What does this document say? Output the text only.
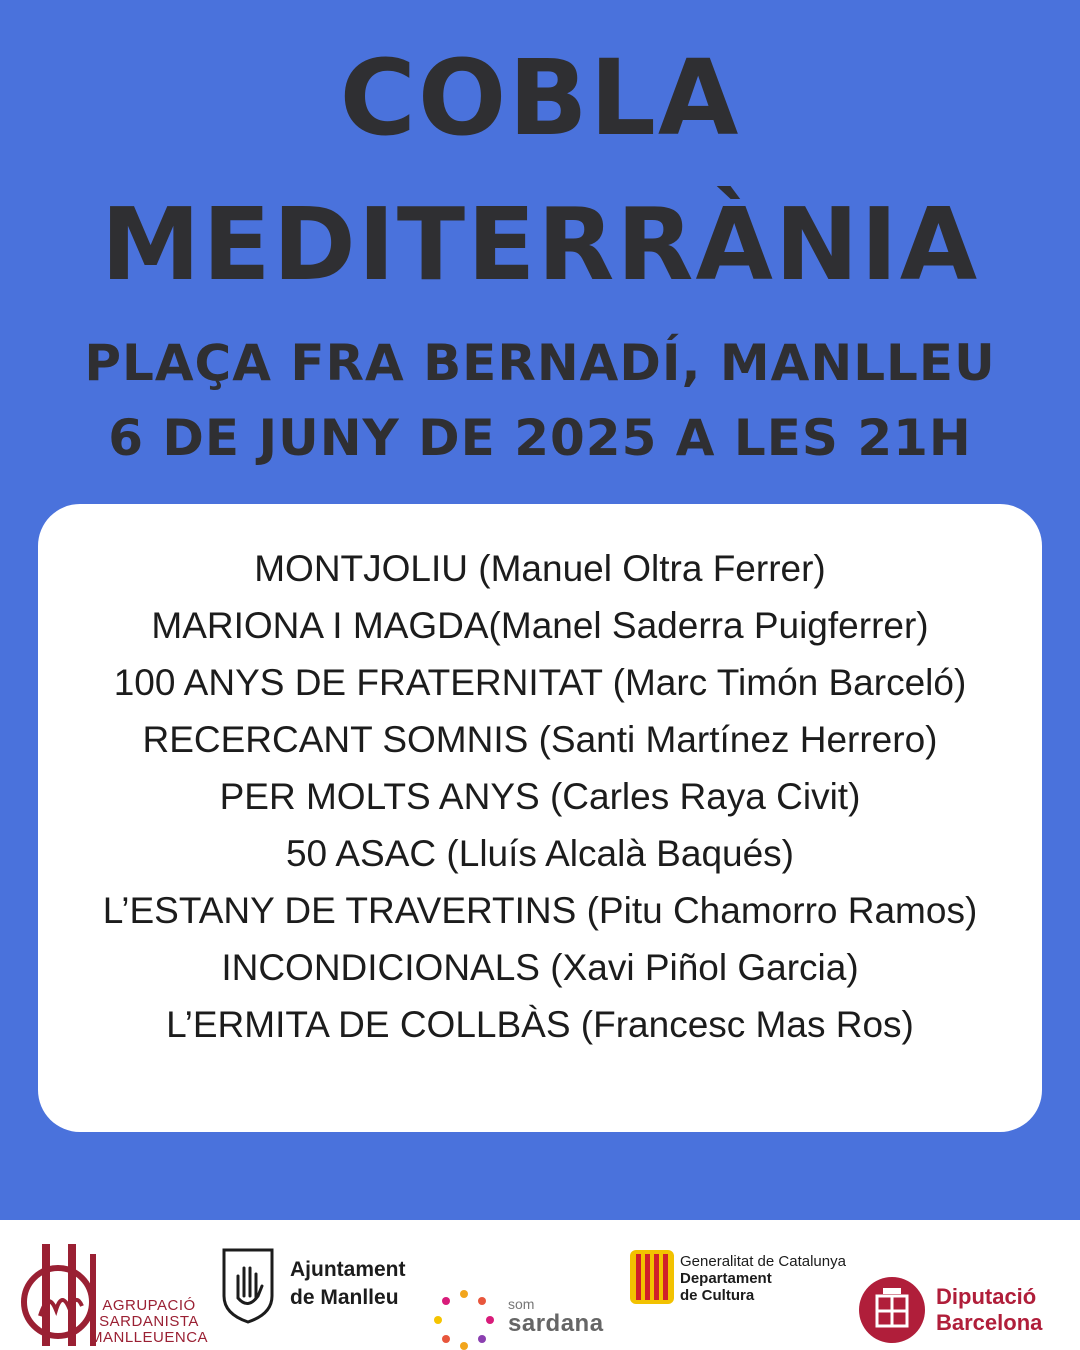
COBLA
MEDITERRÀNIA
PLAÇA FRA BERNADÍ, MANLLEU
6 DE JUNY DE 2025 A LES 21H
MONTJOLIU (Manuel Oltra Ferrer)
MARIONA I MAGDA(Manel Saderra Puigferrer)
100 ANYS DE FRATERNITAT (Marc Timón Barceló)
RECERCANT SOMNIS (Santi Martínez Herrero)
PER MOLTS ANYS (Carles Raya Civit)
50 ASAC (Lluís Alcalà Baqués)
L’ESTANY DE TRAVERTINS (Pitu Chamorro Ramos)
INCONDICIONALS (Xavi Piñol Garcia)
L’ERMITA DE COLLBÀS (Francesc Mas Ros)
AGRUPACIÓ
SARDANISTA
MANLLEUENCA
Ajuntament
de Manlleu	som
sardana
Generalitat de Catalunya
Departament
de Cultura	Diputació
Barcelona
